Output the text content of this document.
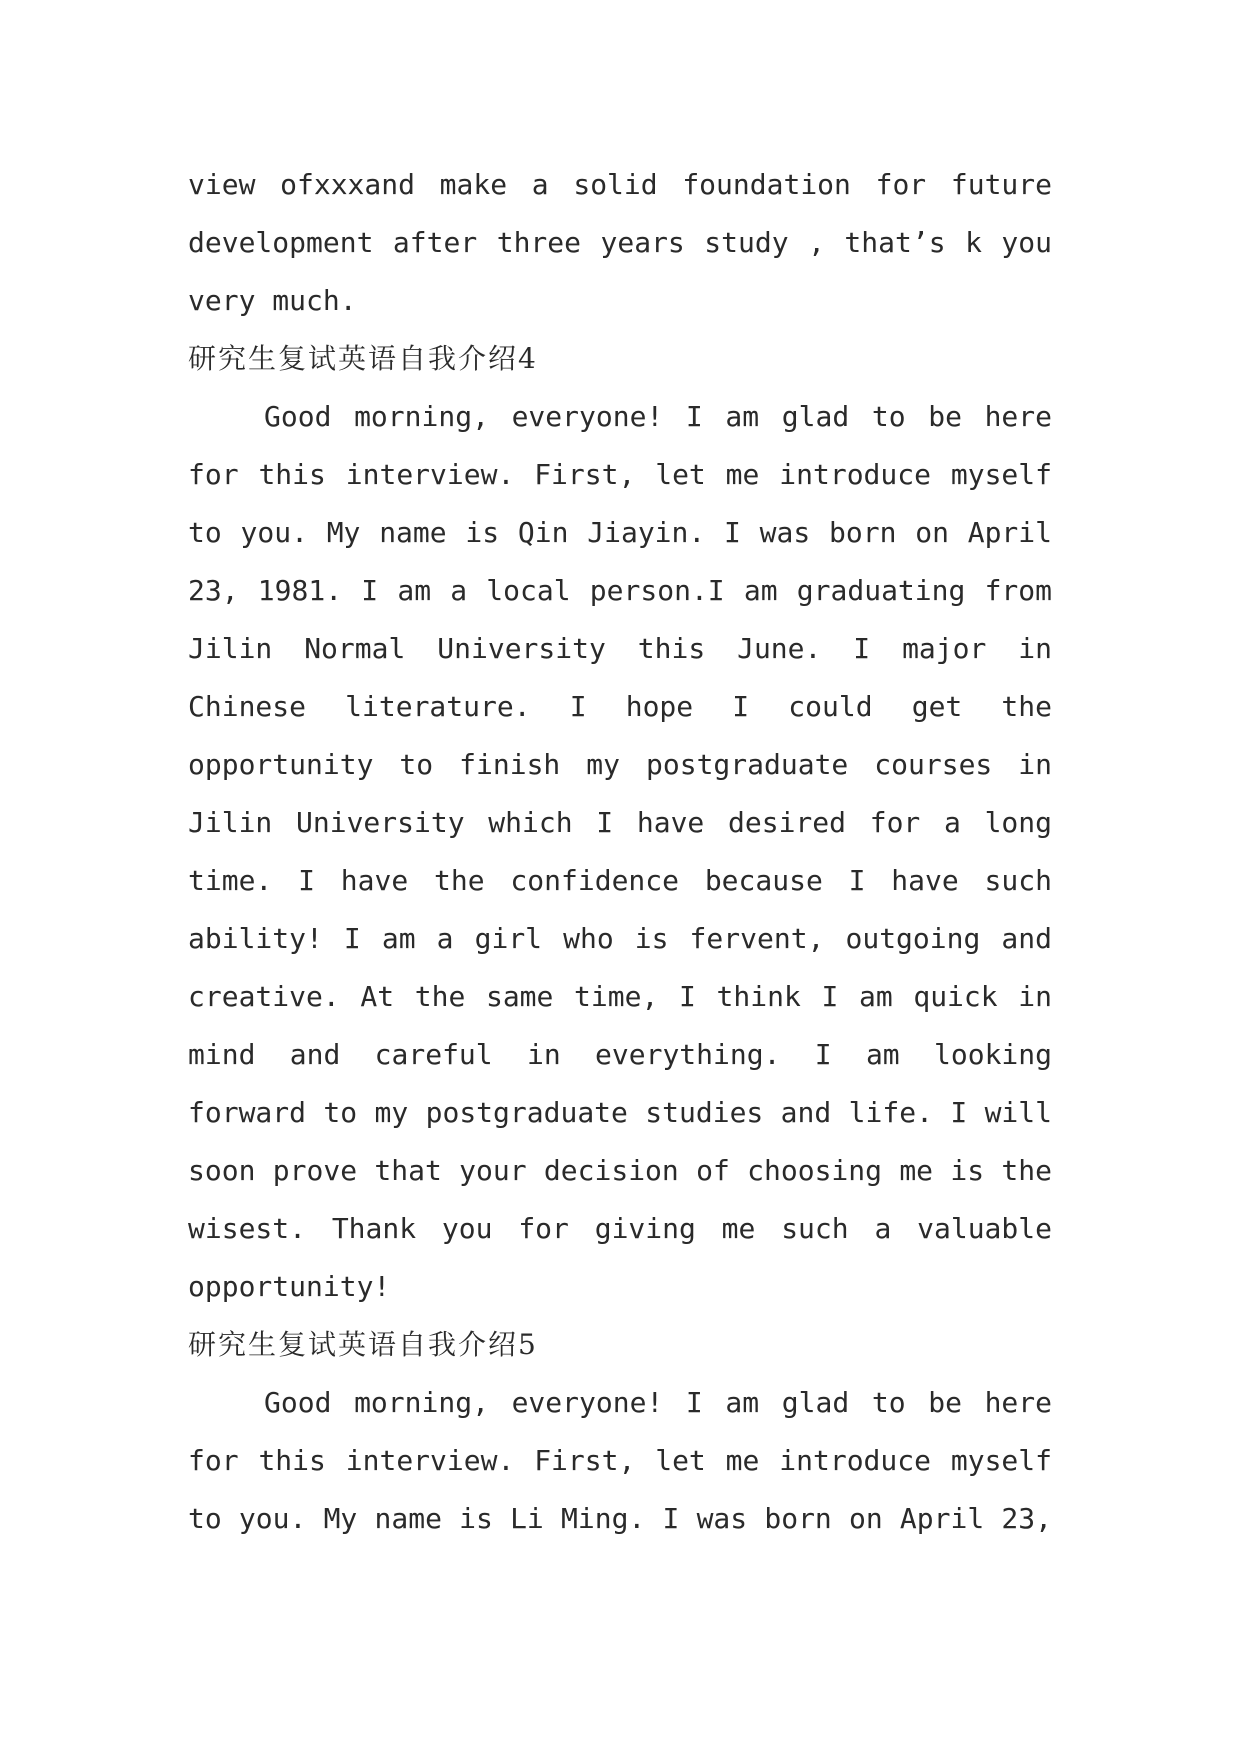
view ofxxxand make a solid foundation for future

development after three years study , that’s k you

very much.

研究生复试英语自我介绍4

Good morning, everyone! I am glad to be here

for this interview. First, let me introduce myself

to you. My name is Qin Jiayin. I was born on April

23, 1981. I am a local person.I am graduating from

Jilin Normal University this June. I major in

Chinese literature. I hope I could get the

opportunity to finish my postgraduate courses in

Jilin University which I have desired for a long

time. I have the confidence because I have such

ability! I am a girl who is fervent, outgoing and

creative. At the same time, I think I am quick in

mind and careful in everything. I am looking

forward to my postgraduate studies and life. I will

soon prove that your decision of choosing me is the

wisest. Thank you for giving me such a valuable

opportunity!

研究生复试英语自我介绍5

Good morning, everyone! I am glad to be here

for this interview. First, let me introduce myself

to you. My name is Li Ming. I was born on April 23,
